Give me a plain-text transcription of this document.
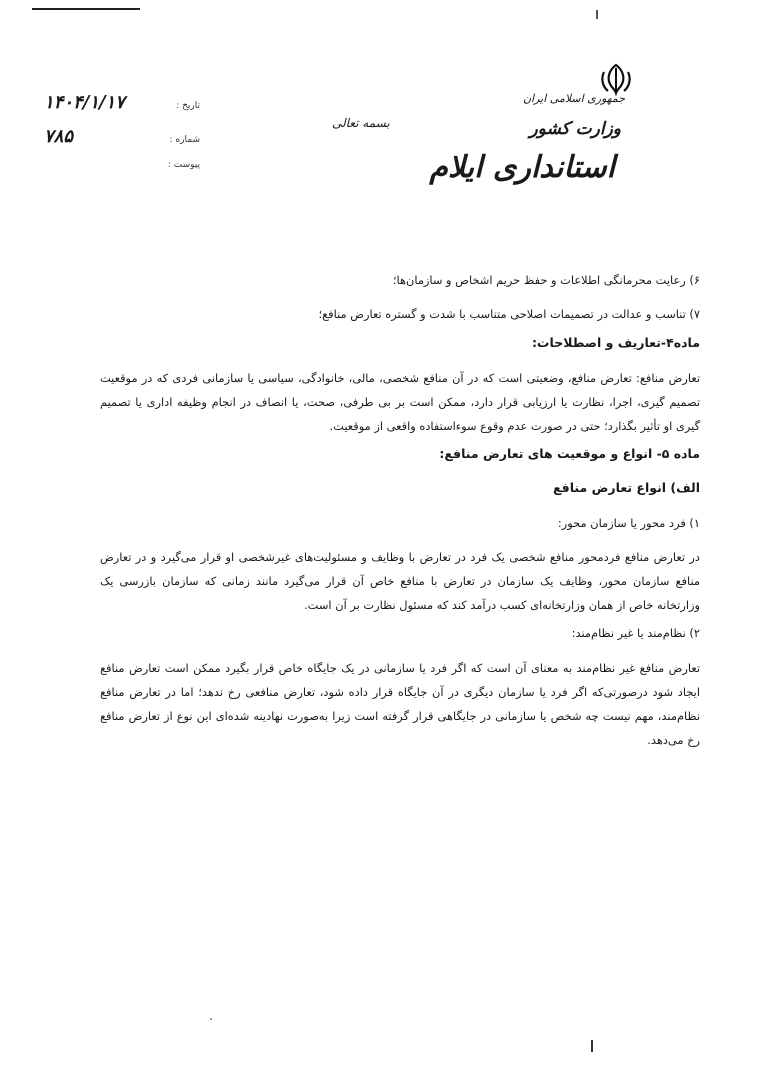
جمهوری اسلامی ایران
وزارت کشور
استانداری ایلام
بسمه تعالی
تاریخ :
۱۴۰۴/۱/۱۷
شماره :
۷۸۵
پیوست :

۶) رعایت محرمانگی اطلاعات و حفظ حریم اشخاص و سازمان‌ها؛

۷) تناسب و عدالت در تصمیمات اصلاحی متناسب با شدت و گستره تعارض منافع؛

ماده۴-تعاریف و اصطلاحات:

تعارض منافع: تعارض منافع، وضعیتی است که در آن منافع شخصی، مالی، خانوادگی، سیاسی یا سازمانی فردی که در موقعیت تصمیم گیری، اجرا، نظارت یا ارزیابی قرار دارد، ممکن است بر بی طرفی، صحت، یا انصاف در انجام وظیفه اداری یا تصمیم گیری او تأثیر بگذارد؛ حتی در صورت عدم وقوع سوءاستفاده واقعی از موقعیت.

ماده ۵- انواع و موقعیت های تعارض منافع:

الف) انواع تعارض منافع

۱) فرد محور یا سازمان محور:

در تعارض منافع فردمحور منافع شخصی یک فرد در تعارض با وظایف و مسئولیت‌های غیرشخصی او قرار می‌گیرد و در تعارض منافع سازمان محور، وظایف یک سازمان در تعارض با منافع خاص آن قرار می‌گیرد مانند زمانی که سازمان بازرسی یک وزارتخانه خاص از همان وزارتخانه‌ای کسب درآمد کند که مسئول نظارت بر آن است.

۲) نظام‌مند یا غیر نظام‌مند:

تعارض منافع غیر نظام‌مند به معنای آن است که اگر فرد یا سازمانی در یک جایگاه خاص قرار بگیرد ممکن است تعارض منافع ایجاد شود درصورتی‌که اگر فرد یا سازمان دیگری در آن جایگاه قرار داده شود، تعارض منافعی رخ ندهد؛ اما در تعارض منافع نظام‌مند، مهم نیست چه شخص یا سازمانی در جایگاهی قرار گرفته است زیرا به‌صورت نهادینه شده‌ای این نوع از تعارض منافع رخ می‌دهد.
